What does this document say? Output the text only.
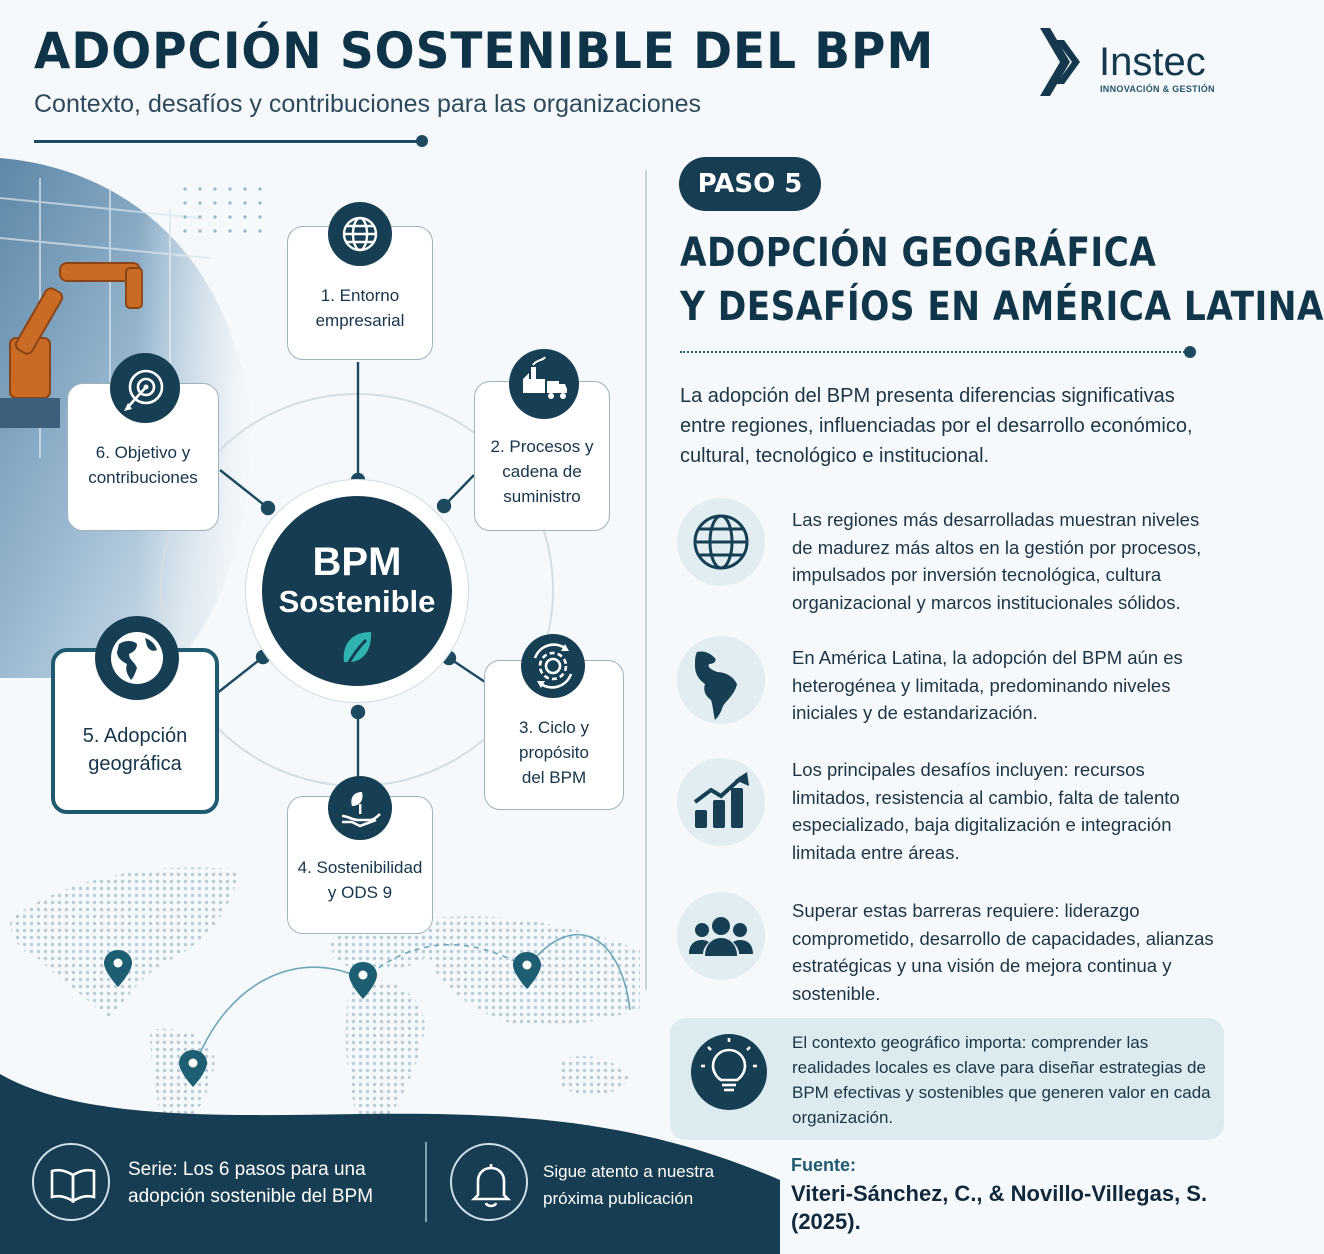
ADOPCIÓN SOSTENIBLE DEL BPM
Contexto, desafíos y contribuciones para las organizaciones
Instec
INNOVACIÓN & GESTIÓN
BPM
Sostenible
1. Entorno empresarial
2. Procesos y cadena de suministro
3. Ciclo y propósito del BPM
4. Sostenibilidad y ODS 9
5. Adopción geográfica
6. Objetivo y contribuciones
PASO 5
ADOPCIÓN GEOGRÁFICA
Y DESAFÍOS EN AMÉRICA LATINA

La adopción del BPM presenta diferencias significativas entre regiones, influenciadas por el desarrollo económico, cultural, tecnológico e institucional.

Las regiones más desarrolladas muestran niveles de madurez más altos en la gestión por procesos, impulsados por inversión tecnológica, cultura organizacional y marcos institucionales sólidos.

En América Latina, la adopción del BPM aún es heterogénea y limitada, predominando niveles iniciales y de estandarización.

Los principales desafíos incluyen: recursos limitados, resistencia al cambio, falta de talento especializado, baja digitalización e integración limitada entre áreas.

Superar estas barreras requiere: liderazgo comprometido, desarrollo de capacidades, alianzas estratégicas y una visión de mejora continua y sostenible.

El contexto geográfico importa: comprender las realidades locales es clave para diseñar estrategias de BPM efectivas y sostenibles que generen valor en cada organización.

Fuente:
Viteri-Sánchez, C., & Novillo-Villegas, S. (2025).
Serie: Los 6 pasos para una adopción sostenible del BPM
Sigue atento a nuestra próxima publicación
